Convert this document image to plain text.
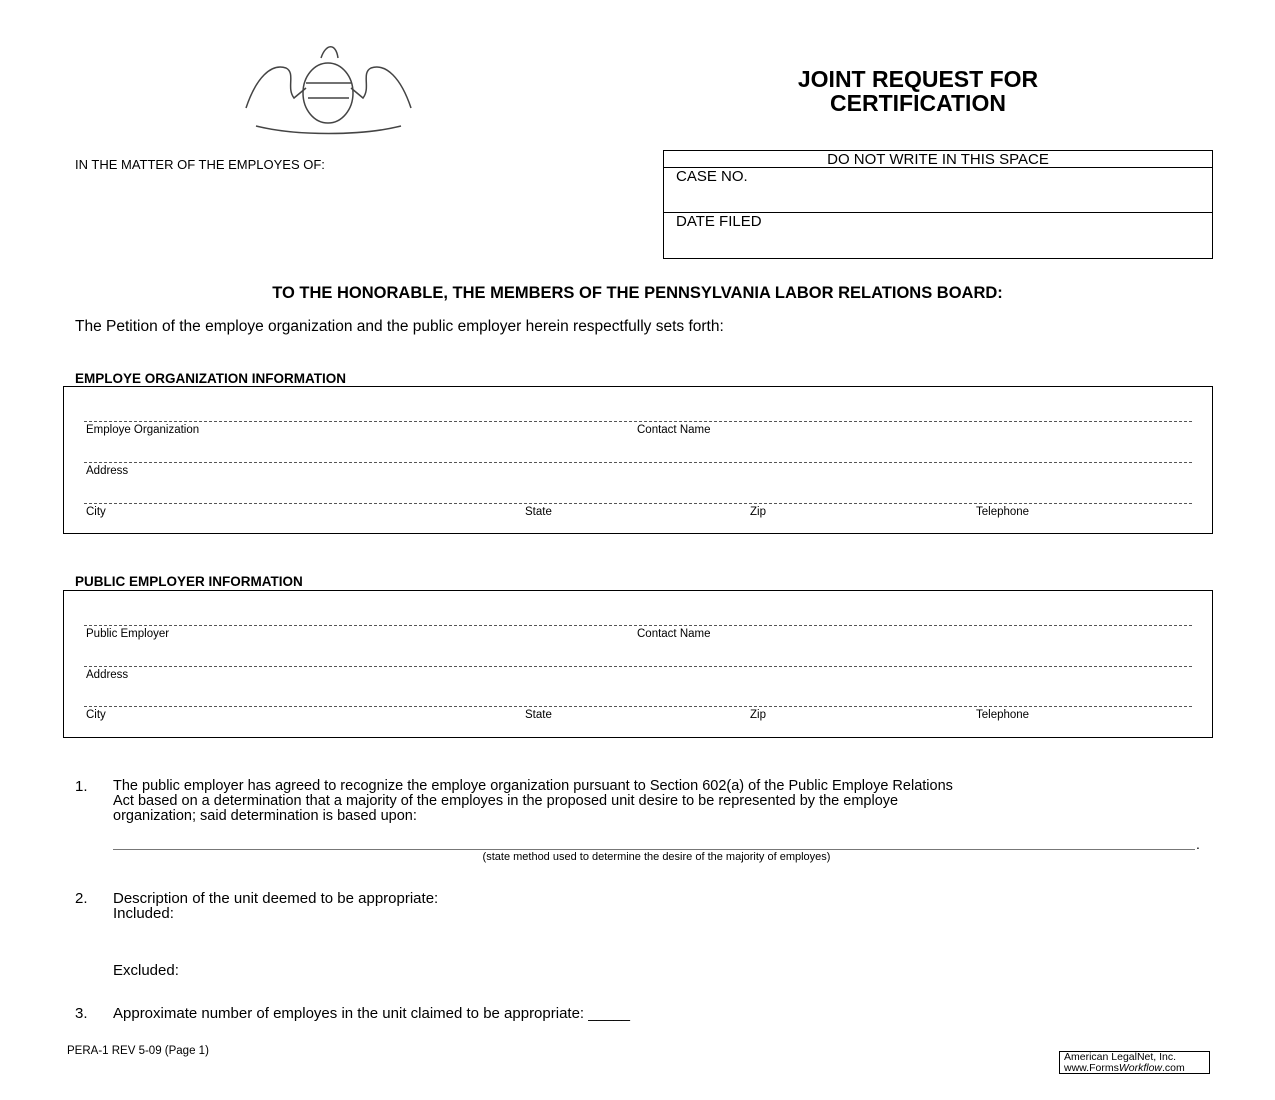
JOINT REQUEST FOR
CERTIFICATION
IN THE MATTER OF THE EMPLOYES OF:	DO NOT WRITE IN THIS SPACE
CASE NO.
DATE FILED
TO THE HONORABLE, THE MEMBERS OF THE PENNSYLVANIA LABOR RELATIONS BOARD:
The Petition of the employe organization and the public employer herein respectfully sets forth:
EMPLOYE ORGANIZATION INFORMATION
Employe Organization	Contact Name
Address
City	State	Zip	Telephone
PUBLIC EMPLOYER INFORMATION
Public Employer	Contact Name
Address
City	State	Zip	Telephone
1. The public employer has agreed to recognize the employe organization pursuant to Section 602(a) of the Public Employe Relations
Act based on a determination that a majority of the employes in the proposed unit desire to be represented by the employe
organization; said determination is based upon:
.
(state method used to determine the desire of the majority of employes)
2. Description of the unit deemed to be appropriate:
Included:
Excluded:
3. Approximate number of employes in the unit claimed to be appropriate: _____
PERA-1 REV 5-09 (Page 1)	American LegalNet, Inc.
www.FormsWorkflow.com
